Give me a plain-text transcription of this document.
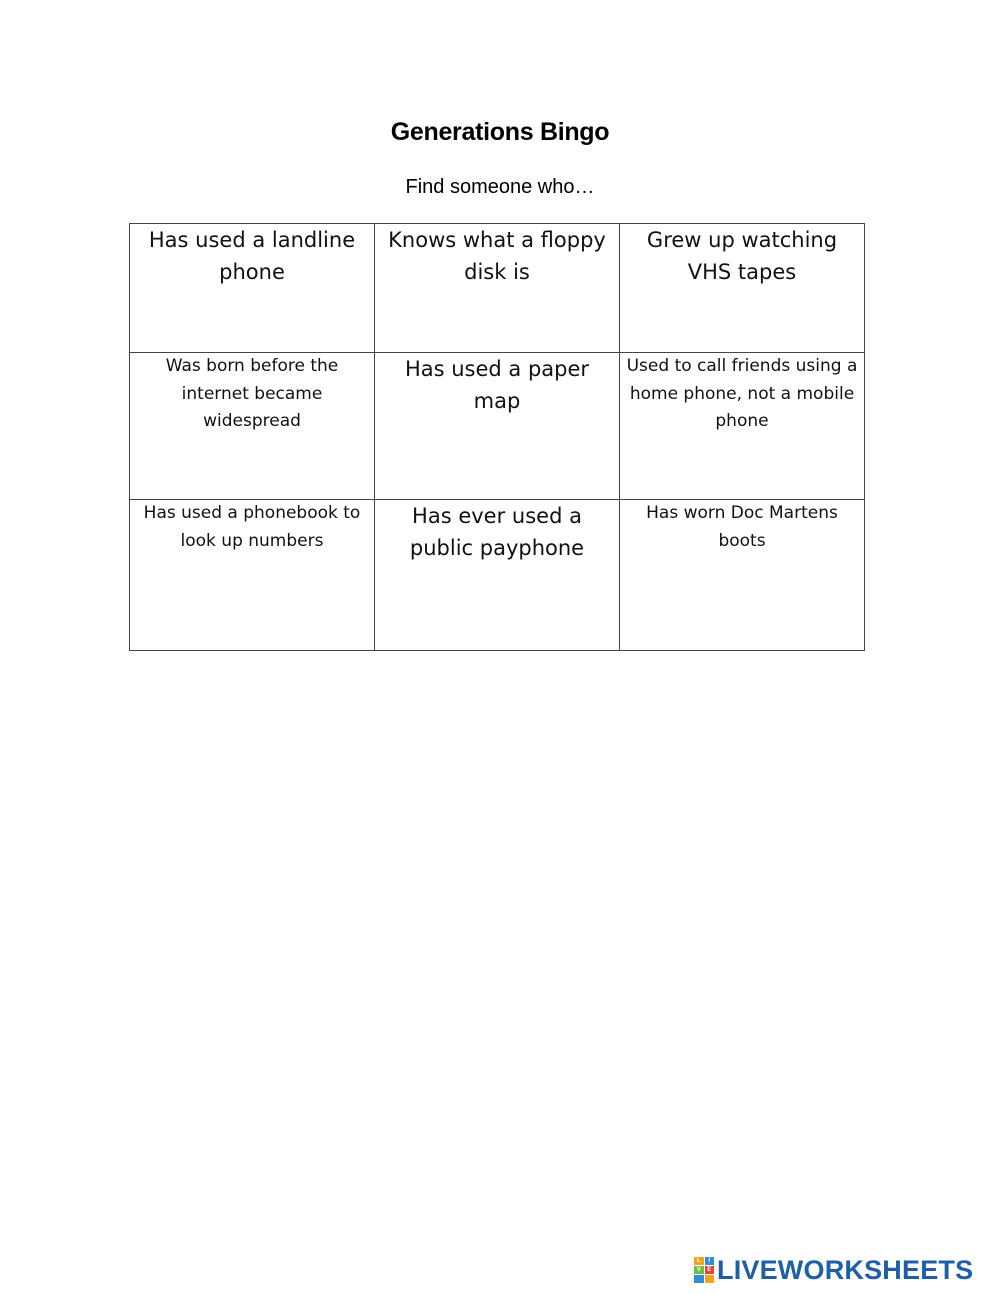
Generations Bingo
Find someone who…
Has used a landline phone	Knows what a floppy disk is	Grew up watching VHS tapes
Was born before the internet became widespread	Has used a paper map	Used to call friends using a home phone, not a mobile phone
Has used a phonebook to look up numbers	Has ever used a public payphone	Has worn Doc Martens boots
L	I
V	E LIVEWORKSHEETS
